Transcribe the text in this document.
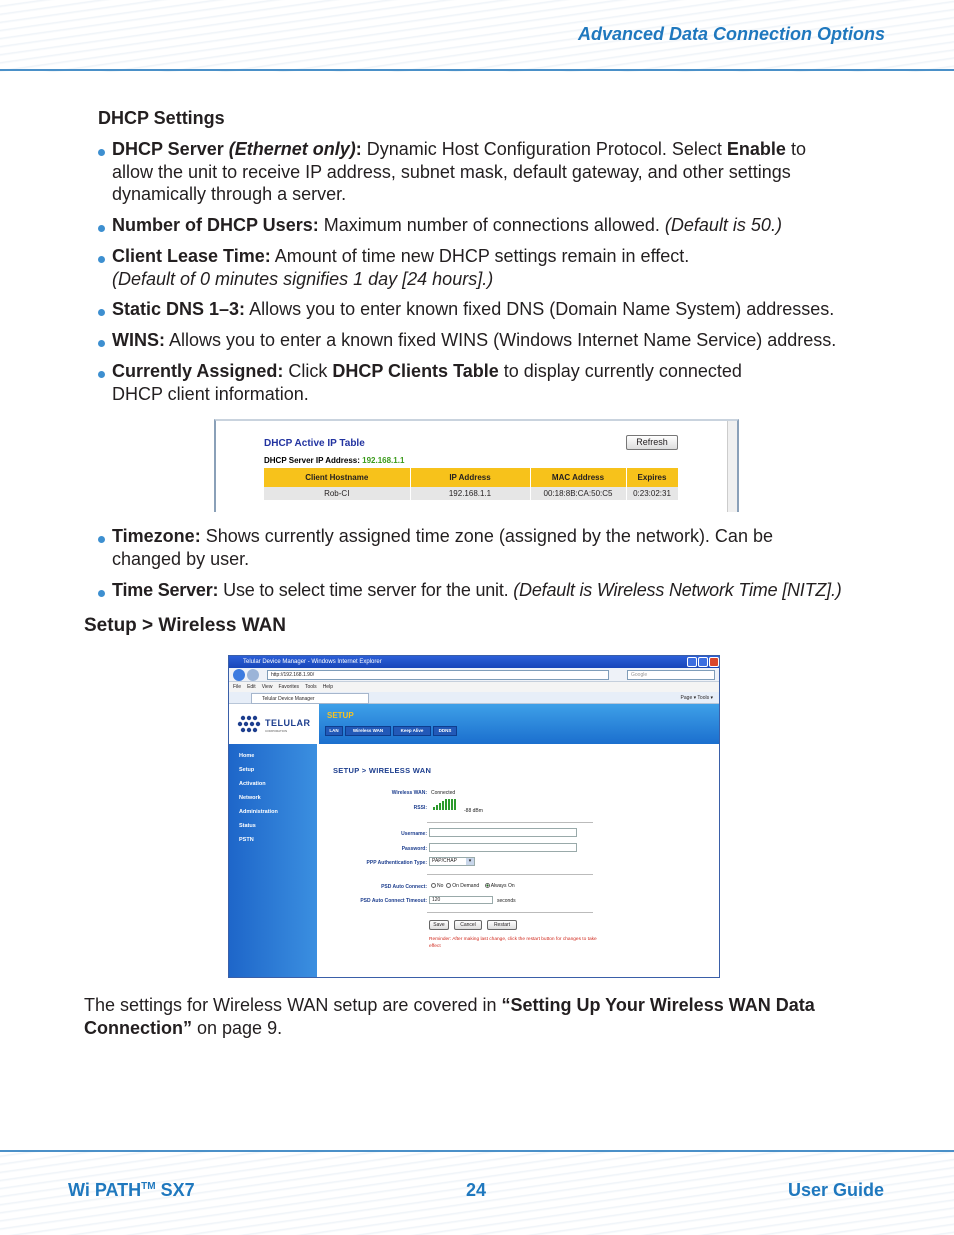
Advanced Data Connection Options
DHCP Settings
DHCP Server (Ethernet only): Dynamic Host Configuration Protocol. Select Enable to
allow the unit to receive IP address, subnet mask, default gateway, and other settings
dynamically through a server.
Number of DHCP Users: Maximum number of connections allowed. (Default is 50.)
Client Lease Time: Amount of time new DHCP settings remain in effect.
(Default of 0 minutes signifies 1 day [24 hours].)
Static DNS 1–3: Allows you to enter known fixed DNS (Domain Name System) addresses.
WINS: Allows you to enter a known fixed WINS (Windows Internet Name Service) address.
Currently Assigned: Click DHCP Clients Table to display currently connected
DHCP client information.
DHCP Active IP Table	Refresh
DHCP Server IP Address: 192.168.1.1
Client Hostname	IP Address	MAC Address	Expires
Rob-CI	192.168.1.1	00:18:8B:CA:50:C5	0:23:02:31
Timezone: Shows currently assigned time zone (assigned by the network). Can be
changed by user.
Time Server: Use to select time server for the unit. (Default is Wireless Network Time [NITZ].)
Setup > Wireless WAN
Telular Device Manager - Windows Internet Explorer
http://192.168.1.90/	Google
File Edit View Favorites Tools Help
Telular Device Manager	Page ▾ Tools ▾
TELULAR
CORPORATION
SETUP
LAN	Wireless WAN	Keep Alive	DDNS
Home
Setup
Activation
Network
Administration
Status
PSTN
SETUP > WIRELESS WAN
Wireless WAN: Connected
RSSI:	-88 dBm
Username:
Password:
PPP Authentication Type:	PAP/CHAP	▾
PSD Auto Connect:	No On Demand Always On
PSD Auto Connect Timeout:	120	seconds
Save	Cancel	Restart
Reminder: After making last change, click the restart button for changes to take effect
The settings for Wireless WAN setup are covered in “Setting Up Your Wireless WAN Data
Connection” on page 9.
Wi PATH™ SX7	24	User Guide
